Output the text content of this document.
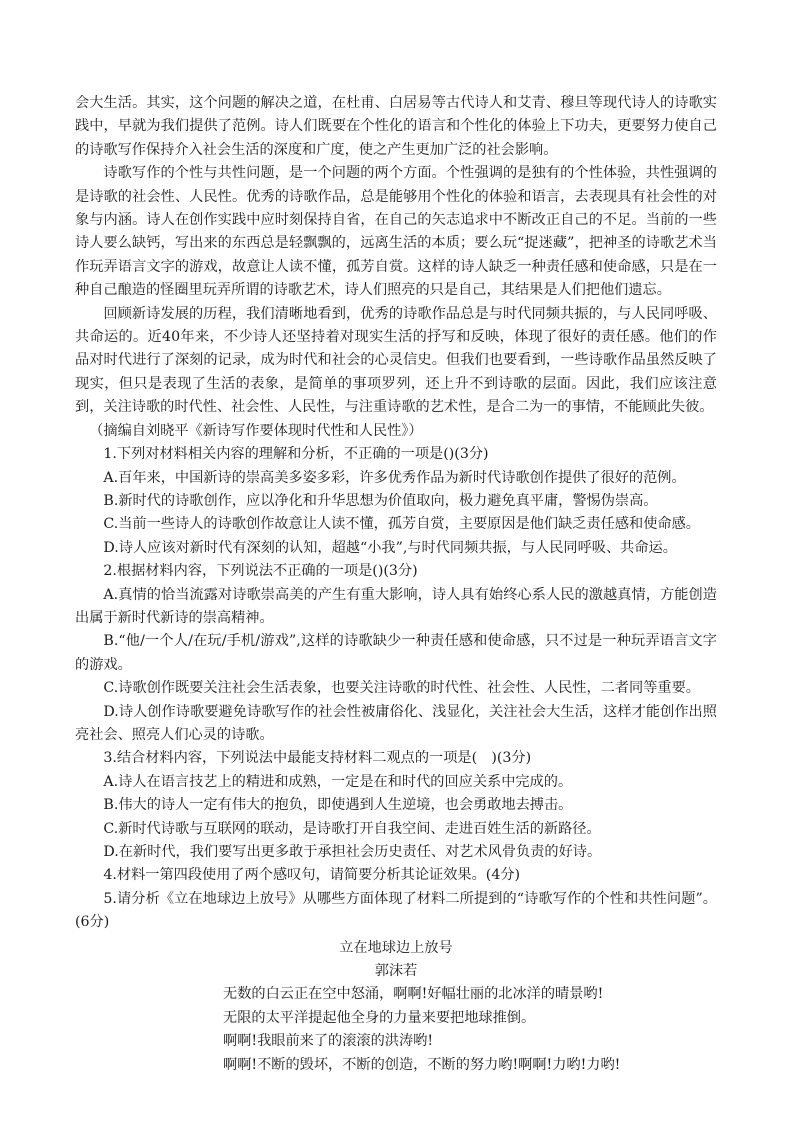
会大生活。其实，这个问题的解决之道，在杜甫、白居易等古代诗人和艾青、穆旦等现代诗人的诗歌实践中，早就为我们提供了范例。诗人们既要在个性化的语言和个性化的体验上下功夫，更要努力使自己的诗歌写作保持介入社会生活的深度和广度，使之产生更加广泛的社会影响。

诗歌写作的个性与共性问题，是一个问题的两个方面。个性强调的是独有的个性体验，共性强调的是诗歌的社会性、人民性。优秀的诗歌作品，总是能够用个性化的体验和语言，去表现具有社会性的对象与内涵。诗人在创作实践中应时刻保持自省，在自己的矢志追求中不断改正自己的不足。当前的一些诗人要么缺钙，写出来的东西总是轻飘飘的，远离生活的本质；要么玩“捉迷藏”，把神圣的诗歌艺术当作玩弄语言文字的游戏，故意让人读不懂，孤芳自赏。这样的诗人缺乏一种责任感和使命感，只是在一种自己酿造的怪圈里玩弄所谓的诗歌艺术，诗人们照亮的只是自己，其结果是人们把他们遗忘。

回顾新诗发展的历程，我们清晰地看到，优秀的诗歌作品总是与时代同频共振的，与人民同呼吸、共命运的。近40年来，不少诗人还坚持着对现实生活的抒写和反映，体现了很好的责任感。他们的作品对时代进行了深刻的记录，成为时代和社会的心灵信史。但我们也要看到，一些诗歌作品虽然反映了现实，但只是表现了生活的表象，是简单的事项罗列，还上升不到诗歌的层面。因此，我们应该注意到，关注诗歌的时代性、社会性、人民性，与注重诗歌的艺术性，是合二为一的事情，不能顾此失彼。

（摘编自刘晓平《新诗写作要体现时代性和人民性》）

1.下列对材料相关内容的理解和分析，不正确的一项是()(3分)

A.百年来，中国新诗的崇高美多姿多彩，许多优秀作品为新时代诗歌创作提供了很好的范例。

B.新时代的诗歌创作，应以净化和升华思想为价值取向，极力避免真平庸，警惕伪崇高。

C.当前一些诗人的诗歌创作故意让人读不懂，孤芳自赏，主要原因是他们缺乏责任感和使命感。

D.诗人应该对新时代有深刻的认知，超越“小我”,与时代同频共振，与人民同呼吸、共命运。

2.根据材料内容，下列说法不正确的一项是()(3分)

A.真情的恰当流露对诗歌崇高美的产生有重大影响，诗人具有始终心系人民的激越真情，方能创造出属于新时代新诗的崇高精神。

B.“他/一个人/在玩/手机/游戏”,这样的诗歌缺少一种责任感和使命感，只不过是一种玩弄语言文字的游戏。

C.诗歌创作既要关注社会生活表象，也要关注诗歌的时代性、社会性、人民性，二者同等重要。

D.诗人创作诗歌要避免诗歌写作的社会性被庸俗化、浅显化，关注社会大生活，这样才能创作出照亮社会、照亮人们心灵的诗歌。

3.结合材料内容，下列说法中最能支持材料二观点的一项是(　)(3分)

A.诗人在语言技艺上的精进和成熟，一定是在和时代的回应关系中完成的。

B.伟大的诗人一定有伟大的抱负，即使遇到人生逆境，也会勇敢地去搏击。

C.新时代诗歌与互联网的联动，是诗歌打开自我空间、走进百姓生活的新路径。

D.在新时代，我们要写出更多敢于承担社会历史责任、对艺术风骨负责的好诗。

4.材料一第四段使用了两个感叹句，请简要分析其论证效果。(4分)

5.请分析《立在地球边上放号》从哪些方面体现了材料二所提到的“诗歌写作的个性和共性问题”。(6分)

立在地球边上放号

郭沫若

无数的白云正在空中怒涌，啊啊!好幅壮丽的北冰洋的晴景哟!

无限的太平洋提起他全身的力量来要把地球推倒。

啊啊!我眼前来了的滚滚的洪涛哟!

啊啊!不断的毁坏，不断的创造，不断的努力哟!啊啊!力哟!力哟!
